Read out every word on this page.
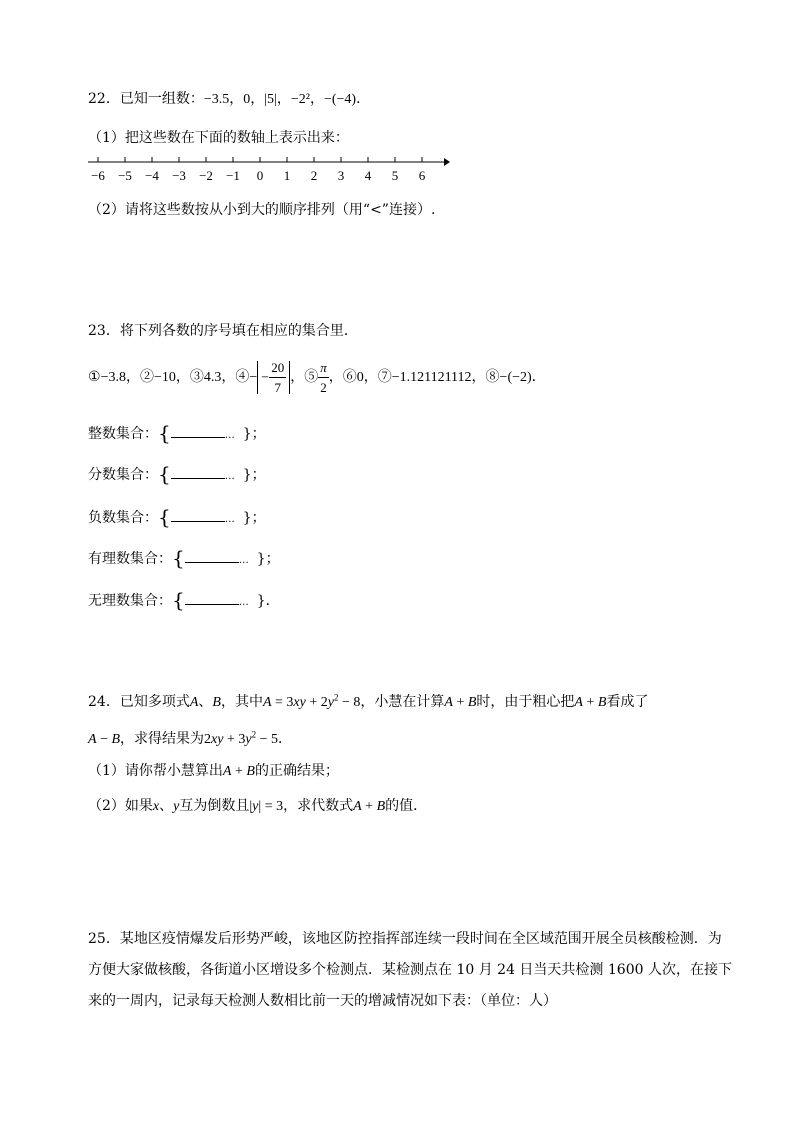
22．已知一组数：−3.5，0，|5|，−2²，−(−4)．
（1）把这些数在下面的数轴上表示出来：
−6 −5 −4 −3 −2 −1 0 1 2 3 4 5 6
（2）请将这些数按从小到大的顺序排列（用“<”连接）.
23．将下列各数的序号填在相应的集合里．
①−3.8，②−10，③4.3，④− − $\frac{20}{7}$ ，⑤ $\frac{\pi}{2}$ ，⑥0，⑦−1.121121112，⑧−(−2)．
整数集合：{	… }；
分数集合：{	… }；
负数集合：{	… }；
有理数集合：{	… }；
无理数集合：{	… }．
24．已知多项式A、B，其中$A = 3xy + 2y^2 - 8$，小慧在计算A + B时，由于粗心把A + B看成了
A − B，求得结果为$2xy + 3y^2 - 5$．
（1）请你帮小慧算出A + B的正确结果；
（2）如果x、y互为倒数且|y| = 3，求代数式A + B的值．
25．某地区疫情爆发后形势严峻，该地区防控指挥部连续一段时间在全区域范围开展全员核酸检测．为
方便大家做核酸，各街道小区增设多个检测点．某检测点在 10 月 24 日当天共检测 1600 人次，在接下
来的一周内，记录每天检测人数相比前一天的增减情况如下表：（单位：人）
